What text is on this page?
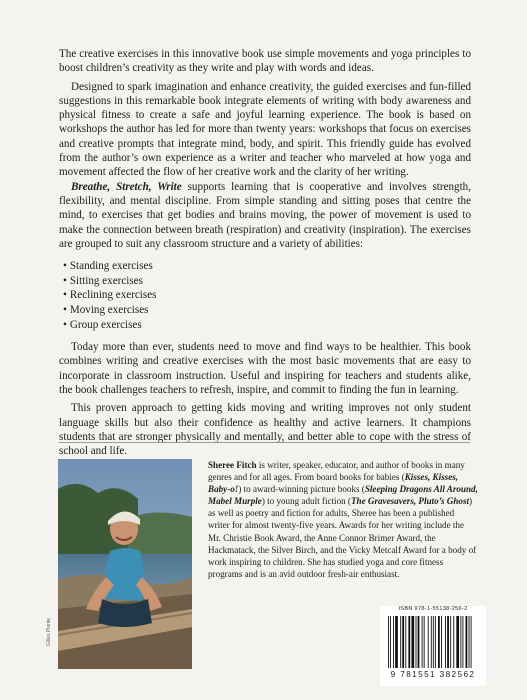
The creative exercises in this innovative book use simple movements and yoga principles to boost children’s creativity as they write and play with words and ideas.

Designed to spark imagination and enhance creativity, the guided exercises and fun-filled suggestions in this remarkable book integrate elements of writing with body awareness and physical fitness to create a safe and joyful learning experience. The book is based on workshops the author has led for more than twenty years: workshops that focus on exercises and creative prompts that integrate mind, body, and spirit. This friendly guide has evolved from the author’s own experience as a writer and teacher who marveled at how yoga and movement affected the flow of her creative work and the clarity of her writing.

Breathe, Stretch, Write supports learning that is cooperative and involves strength, flexibility, and mental discipline. From simple standing and sitting poses that centre the mind, to exercises that get bodies and brains moving, the power of movement is used to make the connection between breath (respiration) and creativity (inspiration). The exercises are grouped to suit any classroom structure and a variety of abilities:

• Standing exercises
• Sitting exercises
• Reclining exercises
• Moving exercises
• Group exercises

Today more than ever, students need to move and find ways to be healthier. This book combines writing and creative exercises with the most basic movements that are easy to incorporate in classroom instruction. Useful and inspiring for teachers and students alike, the book challenges teachers to refresh, inspire, and commit to finding the fun in learning.

This proven approach to getting kids moving and writing improves not only student language skills but also their confidence as healthy and active learners. It champions students that are stronger physically and mentally, and better able to cope with the stress of school and life.

Gilles Plante

Sheree Fitch is writer, speaker, educator, and author of books in many genres and for all ages. From board books for babies (Kisses, Kisses, Baby-o!) to award-winning picture books (Sleeping Dragons All Around, Mabel Murple) to young adult fiction (The Gravesavers, Pluto’s Ghost) as well as poetry and fiction for adults, Sheree has been a published writer for almost twenty-five years. Awards for her writing include the Mr. Christie Book Award, the Anne Connor Brimer Award, the Hackmatack, the Silver Birch, and the Vicky Metcalf Award for a body of work inspiring to children. She has studied yoga and core fitness programs and is an avid outdoor fresh-air enthusiast.

ISBN 978-1-55138-256-2
9 781551 382562
